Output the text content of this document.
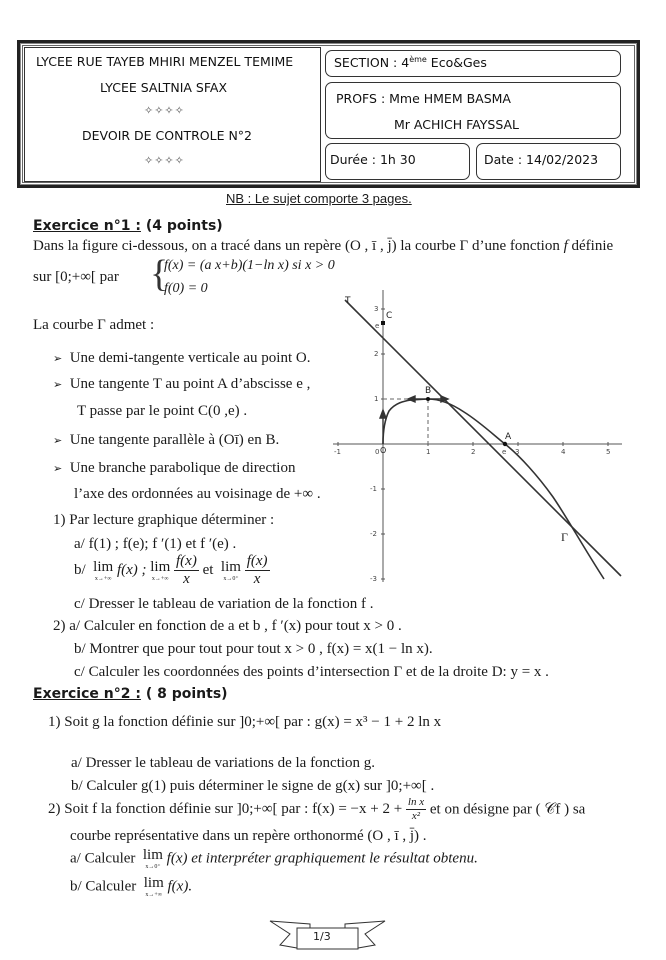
LYCEE RUE TAYEB MHIRI MENZEL TEMIME
LYCEE SALTNIA SFAX
✧✧✧✧
DEVOIR DE CONTROLE N°2
✧✧✧✧
SECTION : 4ème Eco&Ges
PROFS : Mme HMEM BASMA
Mr ACHICH FAYSSAL
Durée : 1h 30	Date : 14/02/2023
NB : Le sujet comporte 3 pages.
Exercice n°1 : (4 points)
Dans la figure ci-dessous, on a tracé dans un repère (O , ī , j̄) la courbe Γ d’une fonction f définie
sur [0;+∞[ par {
f(x) = (a x+b)(1−ln x) si x > 0
f(0) = 0
La courbe Γ admet :
➢ Une demi-tangente verticale au point O.
➢ Une tangente T au point A d’abscisse e ,
T passe par le point C(0 ,e) .
➢ Une tangente parallèle à (Oī) en B.
➢ Une branche parabolique de direction
l’axe des ordonnées au voisinage de +∞ .
1) Par lecture graphique déterminer :
a/ f(1) ; f(e); f ′(1) et f ′(e) .
b/ lim
x→+∞
f(x) ; lim
x→+∞
$\frac{f(x)}{x}$ et lim
x→0⁺
$\frac{f(x)}{x}$
c/ Dresser le tableau de variation de la fonction f .
2) a/ Calculer en fonction de a et b , f ′(x) pour tout x > 0 .
b/ Montrer que pour tout pour tout x > 0 , f(x) = x(1 − ln x).
c/ Calculer les coordonnées des points d’intersection Γ et de la droite D: y = x .
-1	0	1	2	e 3	4	5
1
2
e
3
-1
-2
-3
T
C
B
A
O
Γ
Exercice n°2 : ( 8 points)
1) Soit g la fonction définie sur ]0;+∞[ par : g(x) = x³ − 1 + 2 ln x
a/ Dresser le tableau de variations de la fonction g.
b/ Calculer g(1) puis déterminer le signe de g(x) sur ]0;+∞[ .
2) Soit f la fonction définie sur ]0;+∞[ par : $f(x) = -x + 2 + \frac{\text{ln x}}{\text{x²}}$ et on désigne par ( 𝒞f ) sa
courbe représentative dans un repère orthonormé (O , ī , j̄) .
a/ Calculer lim
x→0⁺
f(x) et interpréter graphiquement le résultat obtenu.
b/ Calculer lim
x→+∞
f(x).
1/3
